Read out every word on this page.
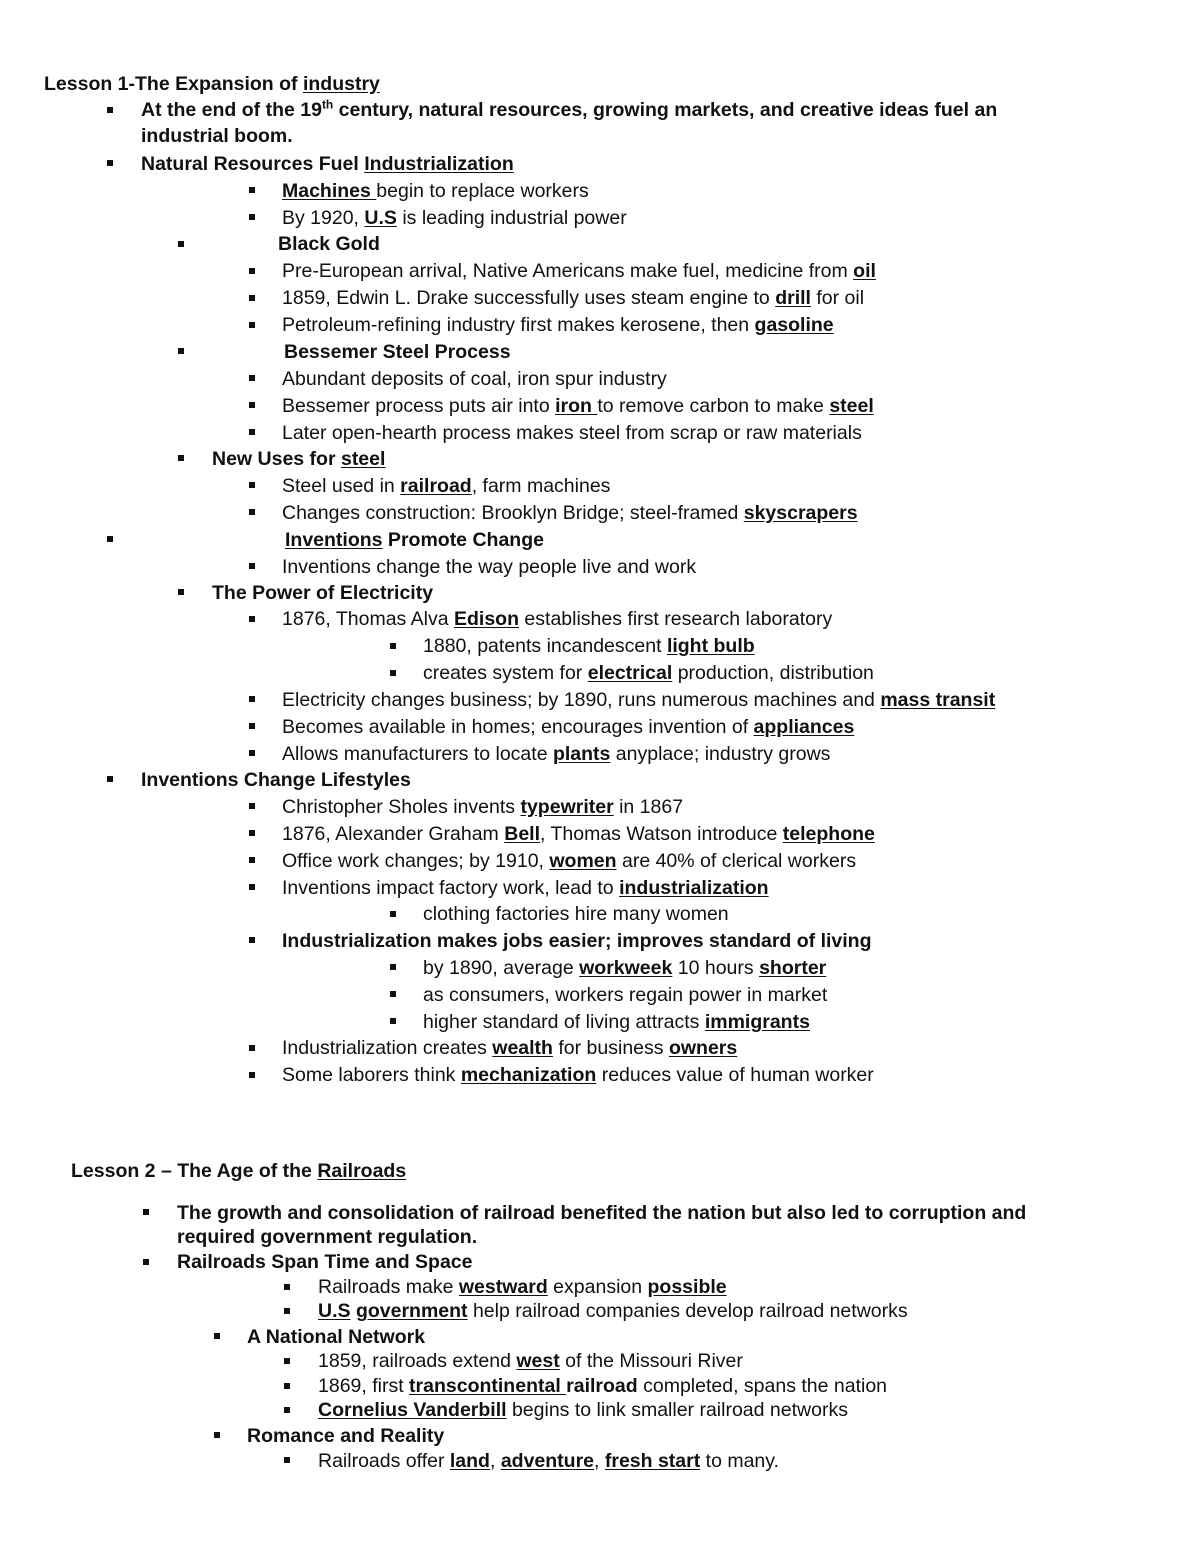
Lesson 1-The Expansion of industry
At the end of the 19th century, natural resources, growing markets, and creative ideas fuel an
industrial boom.
Natural Resources Fuel Industrialization
Machines begin to replace workers
By 1920, U.S is leading industrial power
Black Gold
Pre-European arrival, Native Americans make fuel, medicine from oil
1859, Edwin L. Drake successfully uses steam engine to drill for oil
Petroleum-refining industry first makes kerosene, then gasoline
Bessemer Steel Process
Abundant deposits of coal, iron spur industry
Bessemer process puts air into iron to remove carbon to make steel
Later open-hearth process makes steel from scrap or raw materials
New Uses for steel
Steel used in railroad, farm machines
Changes construction: Brooklyn Bridge; steel-framed skyscrapers
Inventions Promote Change
Inventions change the way people live and work
The Power of Electricity
1876, Thomas Alva Edison establishes first research laboratory
1880, patents incandescent light bulb
creates system for electrical production, distribution
Electricity changes business; by 1890, runs numerous machines and mass transit
Becomes available in homes; encourages invention of appliances
Allows manufacturers to locate plants anyplace; industry grows
Inventions Change Lifestyles
Christopher Sholes invents typewriter in 1867
1876, Alexander Graham Bell, Thomas Watson introduce telephone
Office work changes; by 1910, women are 40% of clerical workers
Inventions impact factory work, lead to industrialization
clothing factories hire many women
Industrialization makes jobs easier; improves standard of living
by 1890, average workweek 10 hours shorter
as consumers, workers regain power in market
higher standard of living attracts immigrants
Industrialization creates wealth for business owners
Some laborers think mechanization reduces value of human worker
Lesson 2 – The Age of the Railroads
The growth and consolidation of railroad benefited the nation but also led to corruption and
required government regulation.
Railroads Span Time and Space
Railroads make westward expansion possible
U.S government help railroad companies develop railroad networks
A National Network
1859, railroads extend west of the Missouri River
1869, first transcontinental railroad completed, spans the nation
Cornelius Vanderbill begins to link smaller railroad networks
Romance and Reality
Railroads offer land, adventure, fresh start to many.
